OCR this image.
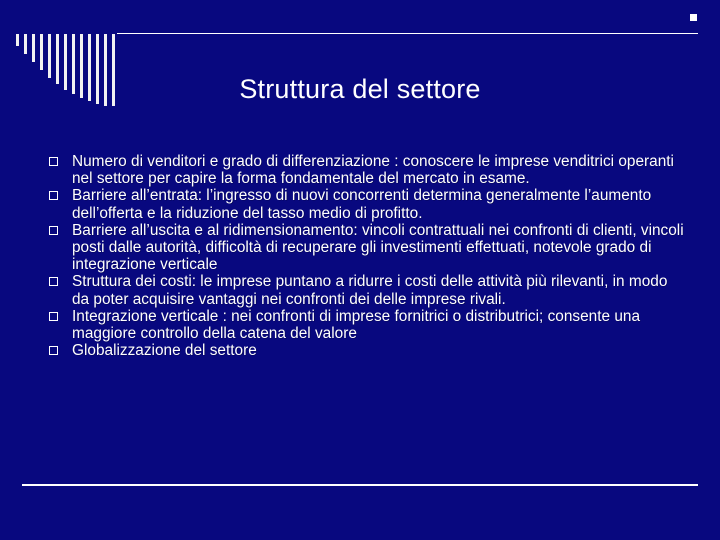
Struttura del settore
Numero di venditori e grado di differenziazione : conoscere le imprese venditrici operanti nel settore per capire la forma fondamentale del mercato in esame.
Barriere all’entrata: l’ingresso di nuovi concorrenti determina generalmente l’aumento dell’offerta e la riduzione del tasso medio di profitto.
Barriere all’uscita e al ridimensionamento: vincoli contrattuali nei confronti di clienti, vincoli posti dalle autorità, difficoltà di recuperare gli investimenti effettuati, notevole grado di integrazione verticale
Struttura dei costi: le imprese puntano a ridurre i costi delle attività più rilevanti, in modo da poter acquisire vantaggi nei confronti dei delle imprese rivali.
Integrazione verticale : nei confronti di imprese fornitrici o distributrici; consente una maggiore controllo della catena del valore
Globalizzazione del settore
